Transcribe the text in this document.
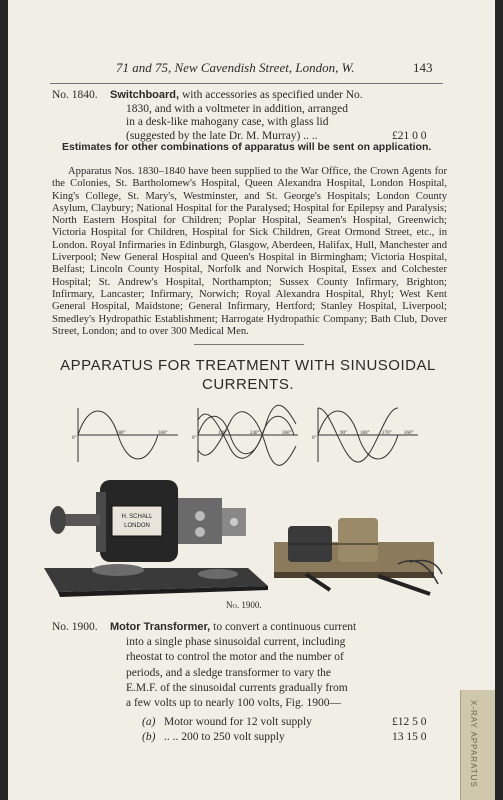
71 and 75, New Cavendish Street, London, W.	143
No. 1840. Switchboard, with accessories as specified under No.
1830, and with a voltmeter in addition, arranged
in a desk-like mahogany case, with glass lid
(suggested by the late Dr. M. Murray) .. ..	£21 0 0
Estimates for other combinations of apparatus will be sent on application.
Apparatus Nos. 1830–1840 have been supplied to the War Office, the Crown Agents for the Colonies, St. Bartholomew's Hospital, Queen Alexandra Hospital, London Hospital, King's College, St. Mary's, Westminster, and St. George's Hospitals; London County Asylum, Claybury; National Hospital for the Paralysed; Hospital for Epilepsy and Paralysis; North Eastern Hospital for Children; Poplar Hospital, Seamen's Hospital, Greenwich; Victoria Hospital for Children, Hospital for Sick Children, Great Ormond Street, etc., in London. Royal Infirmaries in Edinburgh, Glasgow, Aberdeen, Halifax, Hull, Manchester and Liverpool; New General Hospital and Queen's Hospital in Birmingham; Victoria Hospital, Belfast; Lincoln County Hospital, Norfolk and Norwich Hospital, Essex and Colchester Hospital; St. Andrew's Hospital, Northampton; Sussex County Infirmary, Brighton; Infirmary, Lancaster; Infirmary, Norwich; Royal Alexandra Hospital, Rhyl; West Kent General Hospital, Maidstone; General Infirmary, Hertford; Stanley Hospital, Liverpool; Smedley's Hydropathic Establishment; Harrogate Hydropathic Company; Bath Club, Dover Street, London; and to over 300 Medical Men.
APPARATUS FOR TREATMENT WITH SINUSOIDAL CURRENTS.
0°
180°	360°
0°
120°	240°	360°
0°
90°	180°	270°	360°
H. SCHALL
LONDON
No. 1900.
No. 1900. Motor Transformer, to convert a continuous current
into a single phase sinusoidal current, including
rheostat to control the motor and the number of
periods, and a sledge transformer to vary the
E.M.F. of the sinusoidal currents gradually from
a few volts up to nearly 100 volts, Fig. 1900—
(a) Motor wound for 12 volt supply	£12 5 0
(b) .. .. 200 to 250 volt supply	13 15 0	X-RAY APPARATUS
